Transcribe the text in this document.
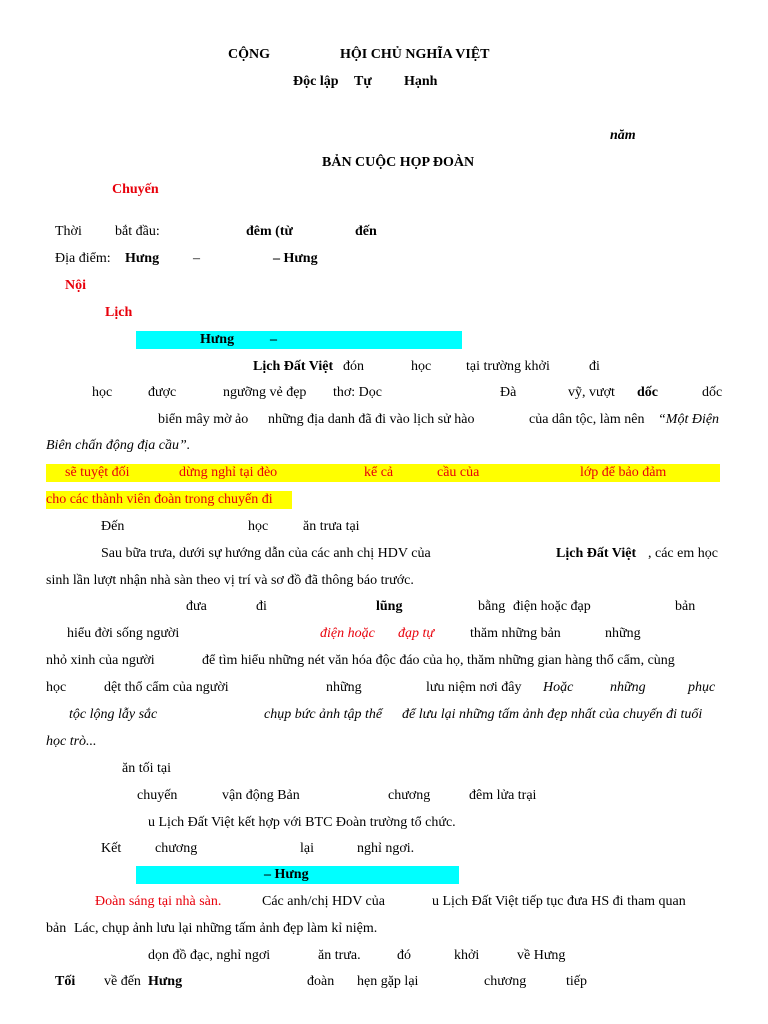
CỘNG	HỘI CHỦ NGHĨA VIỆT
Độc lập Tự Hạnh
năm
BẢN CUỘC HỌP ĐOÀN
Chuyến
Thời bắt đầu:	đêm (từ	đến
Địa điểm: Hưng –	– Hưng
Nội
Lịch
Hưng	–
Lịch Đất Việt đón	học tại trường khởi	đi
học	được	ngưỡng vẻ đẹp thơ: Dọc	Đà	vỹ, vượt dốc	dốc
biển mây mờ ảo những địa danh đã đi vào lịch sử hào	của dân tộc, làm nên “Một Điện
Biên chấn động địa cầu”.
sẽ tuyệt đối	dừng nghỉ tại đèo	kể cả	cầu của	lớp để bảo đảm
cho các thành viên đoàn trong chuyến đi
Đến	học ăn trưa tại
Sau bữa trưa, dưới sự hướng dẫn của các anh chị HDV của	Lịch Đất Việt , các em học
sinh lần lượt nhận nhà sàn theo vị trí và sơ đồ đã thông báo trước.
đưa	đi	lũng	bằng điện hoặc đạp	bản
hiểu đời sống người	điện hoặc đạp tự	thăm những bản	những
nhỏ xinh của người	để tìm hiểu những nét văn hóa độc đáo của họ, thăm những gian hàng thổ cẩm, cùng
học	dệt thổ cẩm của người	những	lưu niệm nơi đây Hoặc	những	phục
tộc lộng lẫy sắc	chụp bức ảnh tập thể để lưu lại những tấm ảnh đẹp nhất của chuyến đi tuổi
học trò...
ăn tối tại
chuyến	vận động Bản	chương	đêm lửa trại
u Lịch Đất Việt kết hợp với BTC Đoàn trường tổ chức.
Kết chương	lại	nghỉ ngơi.
– Hưng
Đoàn sáng tại nhà sàn.	Các anh/chị HDV của	u Lịch Đất Việt tiếp tục đưa HS đi tham quan
bản Lác, chụp ảnh lưu lại những tấm ảnh đẹp làm kỉ niệm.
dọn đồ đạc, nghỉ ngơi	ăn trưa.	đó	khởi	về Hưng
Tối về đến Hưng	đoàn hẹn gặp lại	chương	tiếp
